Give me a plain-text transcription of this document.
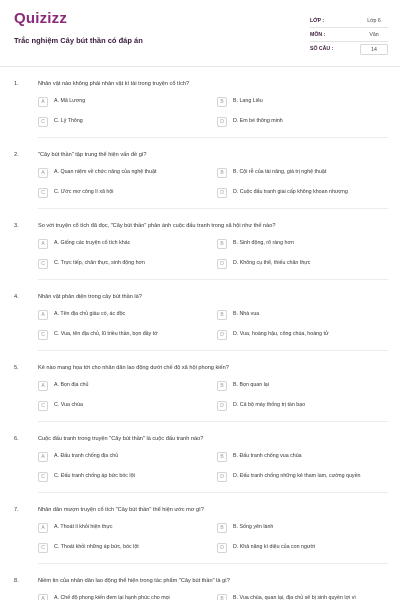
Quizizz
Trắc nghiệm Cây bút thần có đáp án
LỚP :	Lớp 6
MÔN :	Văn
SỐ CÂU :	14
1.	Nhân vật nào không phải nhân vật kì tài trong truyện cổ tích?
A	A. Mã Lương	B	B. Lang Liêu
C	C. Lý Thông	D	D. Em bé thông minh
2.	"Cây bút thần" tập trung thể hiện vấn đề gì?
A	A. Quan niệm về chức năng của nghệ thuật	B	B. Cội rễ của tài năng, giá trị nghệ thuật
C	C. Ước mơ công lí xã hội	D	D. Cuộc đấu tranh giai cấp không khoan nhượng
3.	So với truyện cổ tích đã đọc, "Cây bút thần" phản ánh cuộc đấu tranh trong xã hội như thế nào?
A	A. Giống các truyện cổ tích khác	B	B. Sinh động, rõ ràng hơn
C	C. Trực tiếp, chân thực, sinh động hơn	D	D. Không cụ thể, thiếu chân thực
4.	Nhân vật phản diện trong cây bút thần là?
A	A. Tên địa chủ giàu có, ác độc	B	B. Nhà vua
C	C. Vua, tên địa chủ, lũ triều thần, bọn đầy tớ	D	D. Vua, hoàng hậu, công chúa, hoàng tử
5.	Kẻ nào mang họa tới cho nhân dân lao động dưới chế độ xã hội phong kiến?
A	A. Bọn địa chủ	B	B. Bọn quan lại
C	C. Vua chúa	D	D. Cả bộ máy thống trị tàn bạo
6.	Cuộc đấu tranh trong truyện "Cây bút thần" là cuộc đấu tranh nào?
A	A. Đấu tranh chống địa chủ	B	B. Đấu tranh chống vua chúa
C	C. Đấu tranh chống áp bức bóc lột	D	D. Đấu tranh chống những kẻ tham lam, cường quyền
7.	Nhân dân mượn truyện cổ tích "Cây bút thần" thể hiện ước mơ gì?
A	A. Thoát li khỏi hiện thực	B	B. Sống yên lành
C	C. Thoát khỏi những áp bức, bóc lột	D	D. Khả năng kì diệu của con người
8.	Niềm tin của nhân dân lao động thể hiện trong tác phẩm "Cây bút thần" là gì?
A	A. Chế độ phong kiến đem lại hạnh phúc cho mọi	B	B. Vua chúa, quan lại, địa chủ sẽ bị sinh quyền lợi vì
